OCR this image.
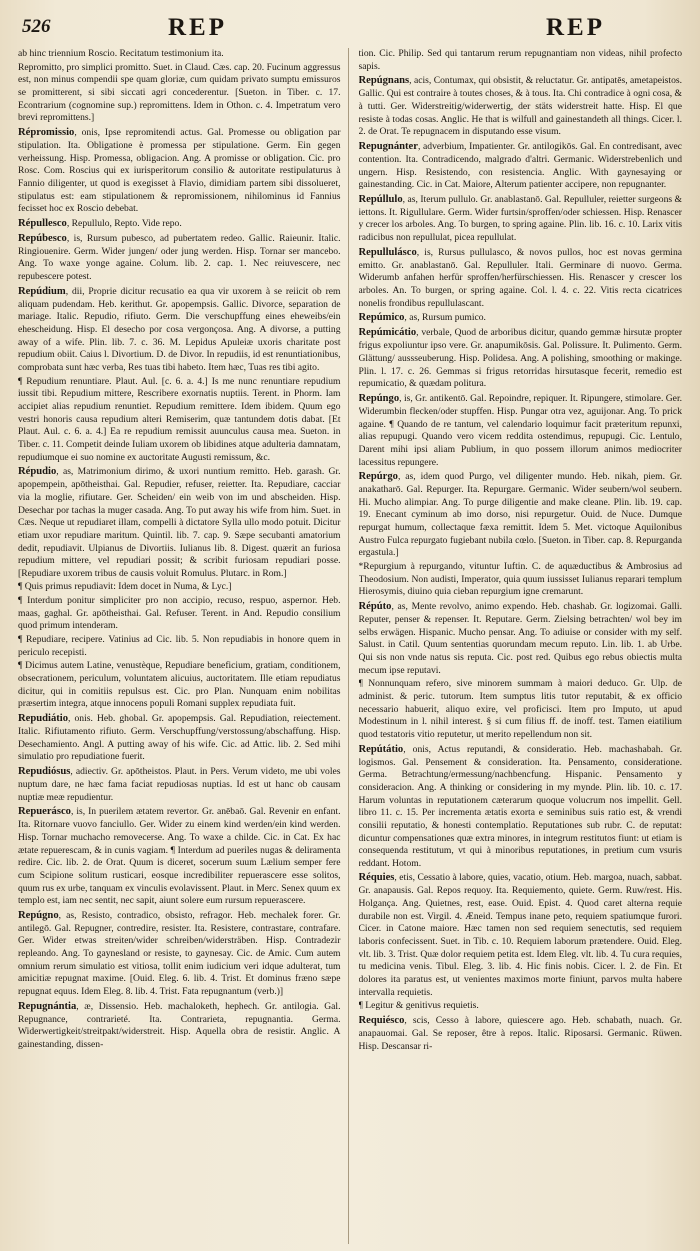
526	REP	REP

ab hinc triennium Roscio. Recitatum testimonium ita.

Repromitto, pro simplici promitto. Suet. in Claud. Cæs. cap. 20. Fucinum aggressus est, non minus compendii spe quam gloriæ, cum quidam privato sumptu emissuros se promitterent, si sibi siccati agri concederentur. [Sueton. in Tiber. c. 17. Econtrarium (cognomine sup.) repromittens. Idem in Othon. c. 4. Impetratum vero brevi repromittens.]

Répromissio, onis, Ipse repromitendi actus. Gal. Promesse ou obligation par stipulation. Ita. Obligatione è promessa per stipulatione. Germ. Ein gegen verheissung. Hisp. Promessa, obligacion. Ang. A promisse or obligation. Cic. pro Rosc. Com. Roscius qui ex iurisperitorum consilio & autoritate restipulaturus à Fannio diligenter, ut quod is exegisset à Flavio, dimidiam partem sibi dissolueret, stipulatus est: eam stipulationem & repromissionem, nihilominus id Fannius fecisset hoc ex Roscio debebat.

Répullesco, Repullulo, Repto. Vide repo.

Repúbesco, is, Rursum pubesco, ad pubertatem redeo. Gallic. Raieunir. Italic. Ringiouenire. Germ. Wider jungen/ oder jung werden. Hisp. Tornar ser mancebo. Ang. To waxe yonge againe. Colum. lib. 2. cap. 1. Nec reiuvescere, nec repubescere potest.

Repúdium, dii, Proprie dicitur recusatio ea qua vir uxorem à se reiicit ob rem aliquam pudendam. Heb. kerithut. Gr. apopempsis. Gallic. Divorce, separation de mariage. Italic. Repudio, rifiuto. Germ. Die verschupffung eines eheweibs/ein ehescheidung. Hisp. El desecho por cosa vergonçosa. Ang. A divorse, a putting away of a wife. Plin. lib. 7. c. 36. M. Lepidus Apuleiæ uxoris charitate post repudium obiit. Caius l. Divortium. D. de Divor. In repudiis, id est renuntiationibus, comprobata sunt hæc verba, Res tuas tibi habeto. Item hæc, Tuas res tibi agito.

¶ Repudium renuntiare. Plaut. Aul. [c. 6. a. 4.] Is me nunc renuntiare repudium iussit tibi. Repudium mittere, Rescribere exornatis nuptiis. Terent. in Phorm. Iam accipiet alias repudium renuntiet. Repudium remittere. Idem ibidem. Quum ego vestri honoris causa repudium alteri Remiserim, quæ tantundem dotis dabat. [Et Plaut. Aul. c. 6. a. 4.] Ea re repudium remissit auunculus causa mea. Sueton. in Tiber. c. 11. Competit deinde Iuliam uxorem ob libidines atque adulteria damnatam, repudiumque ei suo nomine ex auctoritate Augusti remissum, &c.

Répudio, as, Matrimonium dirimo, & uxori nuntium remitto. Heb. garash. Gr. apopempein, apōtheisthai. Gal. Repudier, refuser, reietter. Ita. Repudiare, cacciar via la moglie, rifiutare. Ger. Scheiden/ ein weib von im und abscheiden. Hisp. Desechar por tachas la muger casada. Ang. To put away his wife from him. Suet. in Cæs. Neque ut repudiaret illam, compelli à dictatore Sylla ullo modo potuit. Dicitur etiam uxor repudiare maritum. Quintil. lib. 7. cap. 9. Sæpe secubanti amatorium dedit, repudiavit. Ulpianus de Divortiis. Iulianus lib. 8. Digest. quærit an furiosa repudium mittere, vel repudiari possit; & scribit furiosam repudiari posse. [Repudiare uxorem tribus de causis voluit Romulus. Plutarc. in Rom.]

¶ Quis primus repudiavit: Idem docet in Numa, & Lyc.]

¶ Interdum ponitur simpliciter pro non accipio, recuso, respuo, aspernor. Heb. maas, gaghal. Gr. apōtheisthai. Gal. Refuser. Terent. in And. Repudio consilium quod primum intenderam.

¶ Repudiare, recipere. Vatinius ad Cic. lib. 5. Non repudiabis in honore quem in periculo recepisti.

¶ Dicimus autem Latine, venustèque, Repudiare beneficium, gratiam, conditionem, obsecrationem, periculum, voluntatem alicuius, auctoritatem. Ille etiam repudiatus dicitur, qui in comitiis repulsus est. Cic. pro Plan. Nunquam enim nobilitas præsertim integra, atque innocens populi Romani supplex repudiata fuit.

Repudiátio, onis. Heb. ghobal. Gr. apopempsis. Gal. Repudiation, reiectement. Italic. Rifiutamento rifiuto. Germ. Verschupffung/verstossung/abschaffung. Hisp. Desechamiento. Angl. A putting away of his wife. Cic. ad Attic. lib. 2. Sed mihi simulatio pro repudiatione fuerit.

Repudiósus, adiectiv. Gr. apōtheistos. Plaut. in Pers. Verum videto, me ubi voles nuptum dare, ne hæc fama faciat repudiosas nuptias. Id est ut hanc ob causam nuptiæ meæ repudientur.

Repuerásco, is, In puerilem ætatem revertor. Gr. anēbaō. Gal. Revenir en enfant. Ita. Ritornare vuovo fanciullo. Ger. Wider zu einem kind werden/ein kind werden. Hisp. Tornar muchacho removecerse. Ang. To waxe a childe. Cic. in Cat. Ex hac ætate repuerescam, & in cunis vagiam. ¶ Interdum ad pueriles nugas & deliramenta redire. Cic. lib. 2. de Orat. Quum is diceret, socerum suum Lælium semper fere cum Scipione solitum rusticari, eosque incredibiliter repuerascere esse solitos, quum rus ex urbe, tanquam ex vinculis evolavissent. Plaut. in Merc. Senex quum ex templo est, iam nec sentit, nec sapit, aiunt solere eum rursum repuerascere.

Repúgno, as, Resisto, contradico, obsisto, refragor. Heb. mechalek forer. Gr. antilegō. Gal. Repugner, contredire, resister. Ita. Resistere, contrastare, contrafare. Ger. Wider etwas streiten/wider schreiben/widersträben. Hisp. Contradezir repleando. Ang. To gaynesland or resiste, to gaynesay. Cic. de Amic. Cum autem omnium rerum simulatio est vitiosa, tollit enim iudicium veri idque adulterat, tum amicitiæ repugnat maxime. [Ouid. Eleg. 6. lib. 4. Trist. Et dominus fræno sæpe repugnat equus. Idem Eleg. 8. lib. 4. Trist. Fata repugnantum (verb.)]

Repugnántia, æ, Dissensio. Heb. machaloketh, hephech. Gr. antilogia. Gal. Repugnance, contrarieté. Ita. Contrarieta, repugnantia. Germa. Widerwertigkeit/streitpakt/widerstreit. Hisp. Aquella obra de resistir. Anglic. A gainestanding, dissen-

tion. Cic. Philip. Sed qui tantarum rerum repugnantiam non videas, nihil profecto sapis.

Repúgnans, acis, Contumax, qui obsistit, & reluctatur. Gr. antipatēs, ametapeistos. Gallic. Qui est contraire à toutes choses, & à tous. Ita. Chi contradice à ogni cosa, & à tutti. Ger. Widerstreitig/widerwertig, der stäts widerstreit hatte. Hisp. El que resiste à todas cosas. Anglic. He that is wilfull and gainestandeth all things. Cicer. l. 2. de Orat. Te repugnacem in disputando esse visum.

Repugnánter, adverbium, Impatienter. Gr. antilogikōs. Gal. En contredisant, avec contention. Ita. Contradicendo, malgrado d'altri. Germanic. Widerstrebenlich und ungern. Hisp. Resistendo, con resistencia. Anglic. With gaynesaying or gainestanding. Cic. in Cat. Maiore, Alterum patienter accipere, non repugnanter.

Repúllulo, as, Iterum pullulo. Gr. anablastanō. Gal. Repulluler, reietter surgeons & iettons. It. Rigullulare. Germ. Wider furtsin/sproffen/oder schiessen. Hisp. Renascer y crecer los arboles. Ang. To burgen, to spring againe. Plin. lib. 16. c. 10. Larix vitis radicibus non repullulat, picea repullulat.

Repullulásco, is, Rursus pullulasco, & novos pullos, hoc est novas germina emitto. Gr. anablastanō. Gal. Repulluler. Itali. Germinare di nuovo. Germa. Widerumb anfahen herfür sproffen/herfürschiessen. His. Renascer y crescer los arboles. An. To burgen, or spring againe. Col. l. 4. c. 22. Vitis recta cicatrices nonelis frondibus repullulascant.

Repúmico, as, Rursum pumico.

Repúmicátio, verbale, Quod de arboribus dicitur, quando gemmæ hirsutæ propter frigus expoliuntur ipso vere. Gr. anapumikōsis. Gal. Polissure. It. Pulimento. Germ. Glättung/ aussseuberung. Hisp. Polidesa. Ang. A polishing, smoothing or makinge. Plin. l. 17. c. 26. Gemmas si frigus retorridas hirsutasque fecerit, remedio est repumicatio, & quædam politura.

Repúngo, is, Gr. antikentō. Gal. Repoindre, repiquer. It. Ripungere, stimolare. Ger. Widerumbin flecken/oder stupffen. Hisp. Pungar otra vez, aguijonar. Ang. To prick againe. ¶ Quando de re tantum, vel calendario loquimur facit præteritum repunxi, alias repupugi. Quando vero vicem reddita ostendimus, repupugi. Cic. Lentulo, Darent mihi ipsi aliam Publium, in quo possem illorum animos mediocriter lacessitus repungere.

Repúrgo, as, idem quod Purgo, vel diligenter mundo. Heb. nikah, piem. Gr. anakatharō. Gal. Repurger. Ita. Repurgare. Germanic. Wider seubern/wol seubern. Hi. Mucho alimpiar. Ang. To purge diligentie and make cleane. Plin. lib. 19. cap. 19. Enecant cyminum ab imo dorso, nisi repurgetur. Ouid. de Nuce. Dumque repurgat humum, collectaque fæxa remittit. Idem 5. Met. victoque Aquilonibus Austro Fulca repurgato fugiebant nubila cœlo. [Sueton. in Tiber. cap. 8. Repurganda ergastula.]

*Repurgium à repurgando, vituntur Iuftin. C. de aquæductibus & Ambrosius ad Theodosium. Non audisti, Imperator, quia quum iussisset Iulianus reparari templum Hierosymis, diuino quia cieban repurgium igne cremarunt.

Répúto, as, Mente revolvo, animo expendo. Heb. chashab. Gr. logizomai. Galli. Reputer, penser & repenser. It. Reputare. Germ. Zielsing betrachten/ wol bey im selbs erwägen. Hispanic. Mucho pensar. Ang. To adiuise or consider with my self. Salust. in Catil. Quum sententias quorundam mecum reputo. Lin. lib. 1. ab Urbe. Qui sis non vnde natus sis reputa. Cic. post red. Quibus ego rebus obiectis multa mecum ipse reputavi.

¶ Nonnunquam refero, sive minorem summam à maiori deduco. Gr. Ulp. de administ. & peric. tutorum. Item sumptus litis tutor reputabit, & ex officio necessario habuerit, aliquo exire, vel proficisci. Item pro Imputo, ut apud Modestinum in l. nihil interest. § si cum filius ff. de inoff. test. Tamen eiatilium quod testatoris vitio reputetur, ut merito repellendum non sit.

Repútátio, onis, Actus reputandi, & consideratio. Heb. machashabah. Gr. logismos. Gal. Pensement & consideration. Ita. Pensamento, consideratione. Germa. Betrachtung/ermessung/nachbencfung. Hispanic. Pensamento y consideracion. Ang. A thinking or considering in my mynde. Plin. lib. 10. c. 17. Harum voluntas in reputationem cæterarum quoque volucrum nos impellit. Gell. libro 11. c. 15. Per incrementa ætatis exorta e seminibus suis ratio est, & vrendi consilii reputatio, & honesti contemplatio. Reputationes sub rubr. C. de reputat: dicuntur compensationes quæ extra minores, in integrum restitutos fiunt: ut etiam is consequenda restitutum, vt qui à minoribus reputationes, in pretium cum vsuris reddant. Hotom.

Réquies, etis, Cessatio à labore, quies, vacatio, otium. Heb. margoa, nuach, sabbat. Gr. anapausis. Gal. Repos requoy. Ita. Requiemento, quiete. Germ. Ruw/rest. His. Holgança. Ang. Quietnes, rest, ease. Ouid. Epist. 4. Quod caret alterna requie durabile non est. Virgil. 4. Æneid. Tempus inane peto, requiem spatiumque furori. Cicer. in Catone maiore. Hæc tamen non sed requiem senectutis, sed requiem laboris confecissent. Suet. in Tib. c. 10. Requiem laborum prætendere. Ouid. Eleg. vlt. lib. 3. Trist. Quæ dolor requiem petita est. Idem Eleg. vlt. lib. 4. Tu cura requies, tu medicina venis. Tibul. Eleg. 3. lib. 4. Hic finis nobis. Cicer. l. 2. de Fin. Et dolores ita paratus est, ut venientes maximos morte finiunt, parvos multa habere intervalla requietis.

¶ Legitur & genitivus requietis.

Requiésco, scis, Cesso à labore, quiescere ago. Heb. schabath, nuach. Gr. anapauomai. Gal. Se reposer, être à repos. Italic. Riposarsi. Germanic. Rüwen. Hisp. Descansar ri-
